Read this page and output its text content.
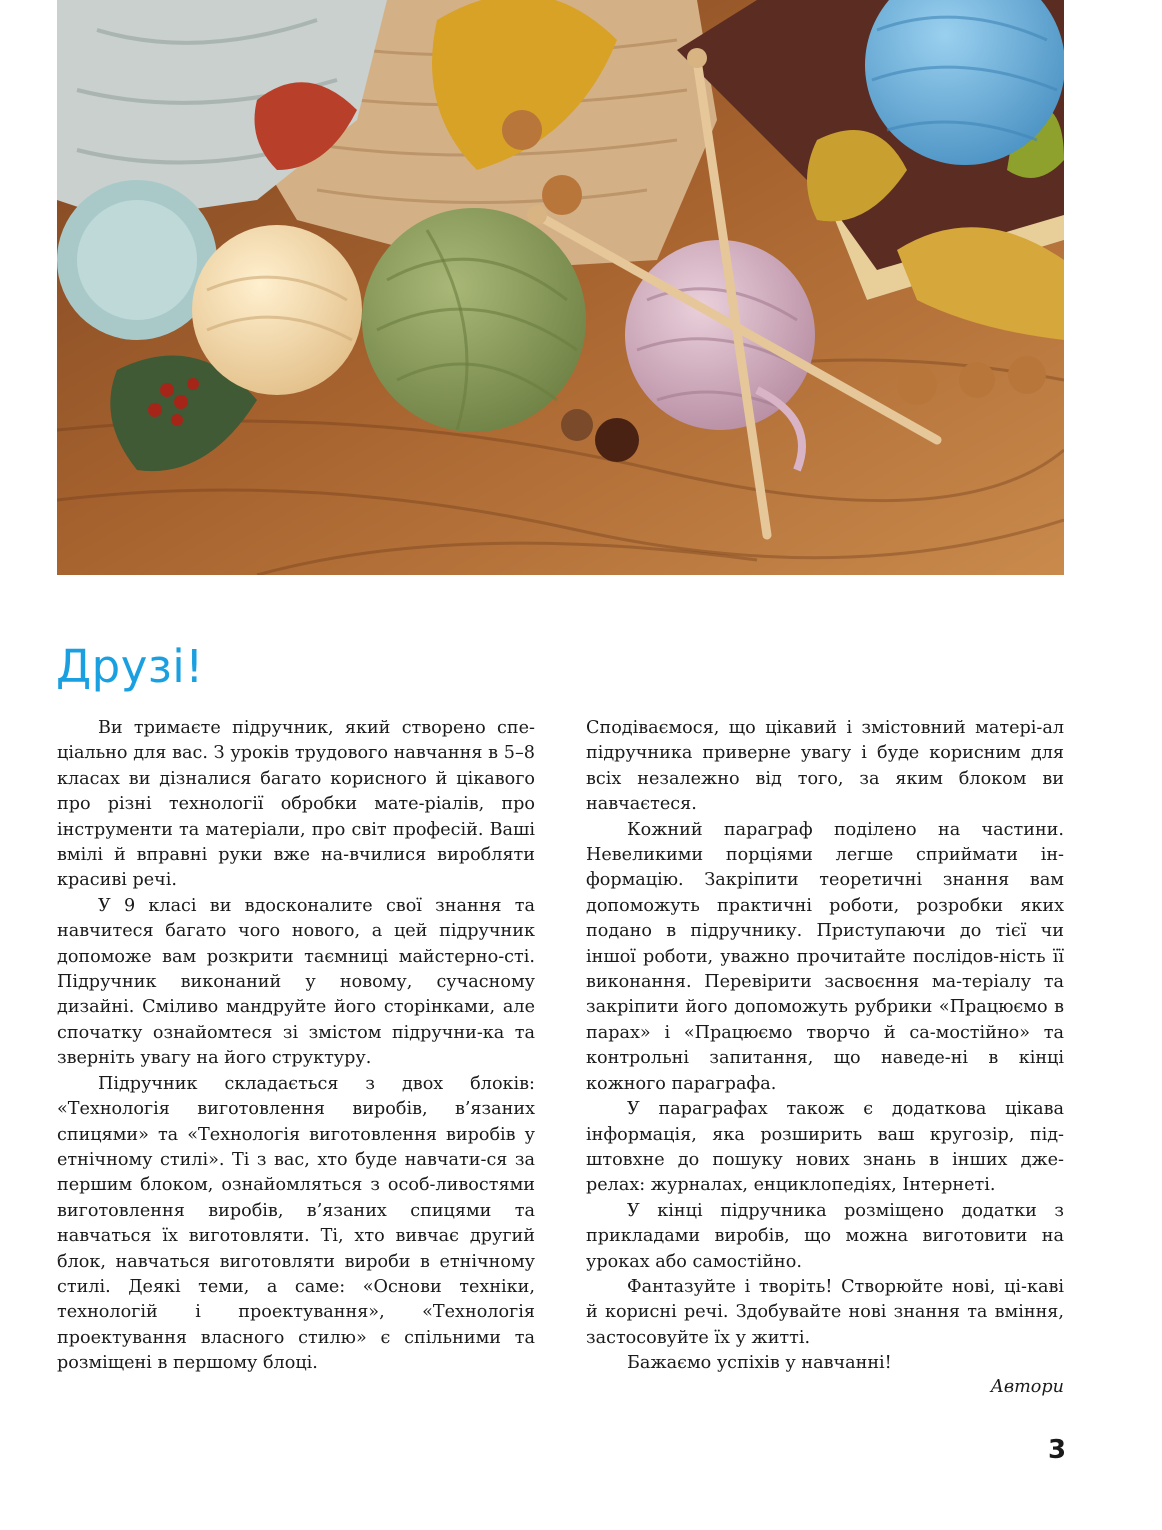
Друзі!

Ви тримаєте підручник, який створено спе-ціально для вас. З уроків трудового навчання в 5–8 класах ви дізналися багато корисного й цікавого про різні технології обробки мате-ріалів, про інструменти та матеріали, про світ професій. Ваші вмілі й вправні руки вже на-вчилися виробляти красиві речі.

У 9 класі ви вдосконалите свої знання та навчитеся багато чого нового, а цей підручник допоможе вам розкрити таємниці майстерно-сті. Підручник виконаний у новому, сучасному дизайні. Сміливо мандруйте його сторінками, але спочатку ознайомтеся зі змістом підручни-ка та зверніть увагу на його структуру.

Підручник складається з двох блоків: «Технологія виготовлення виробів, в’язаних спицями» та «Технологія виготовлення виробів у етнічному стилі». Ті з вас, хто буде навчати-ся за першим блоком, ознайомляться з особ-ливостями виготовлення виробів, в’язаних спицями та навчаться їх виготовляти. Ті, хто вивчає другий блок, навчаться виготовляти вироби в етнічному стилі. Деякі теми, а саме: «Основи техніки, технологій і проектування», «Технологія проектування власного стилю» є спільними та розміщені в першому блоці.

Сподіваємося, що цікавий і змістовний матері-ал підручника приверне увагу і буде корисним для всіх незалежно від того, за яким блоком ви навчаєтеся.

Кожний параграф поділено на частини. Невеликими порціями легше сприймати ін-формацію. Закріпити теоретичні знання вам допоможуть практичні роботи, розробки яких подано в підручнику. Приступаючи до тієї чи іншої роботи, уважно прочитайте послідов-ність її виконання. Перевірити засвоєння ма-теріалу та закріпити його допоможуть рубрики «Працюємо в парах» і «Працюємо творчо й са-мостійно» та контрольні запитання, що наведе-ні в кінці кожного параграфа.

У параграфах також є додаткова цікава інформація, яка розширить ваш кругозір, під-штовхне до пошуку нових знань в інших дже-релах: журналах, енциклопедіях, Інтернеті.

У кінці підручника розміщено додатки з прикладами виробів, що можна виготовити на уроках або самостійно.

Фантазуйте і творіть! Створюйте нові, ці-каві й корисні речі. Здобувайте нові знання та вміння, застосовуйте їх у житті.

Бажаємо успіхів у навчанні!

Автори
3
